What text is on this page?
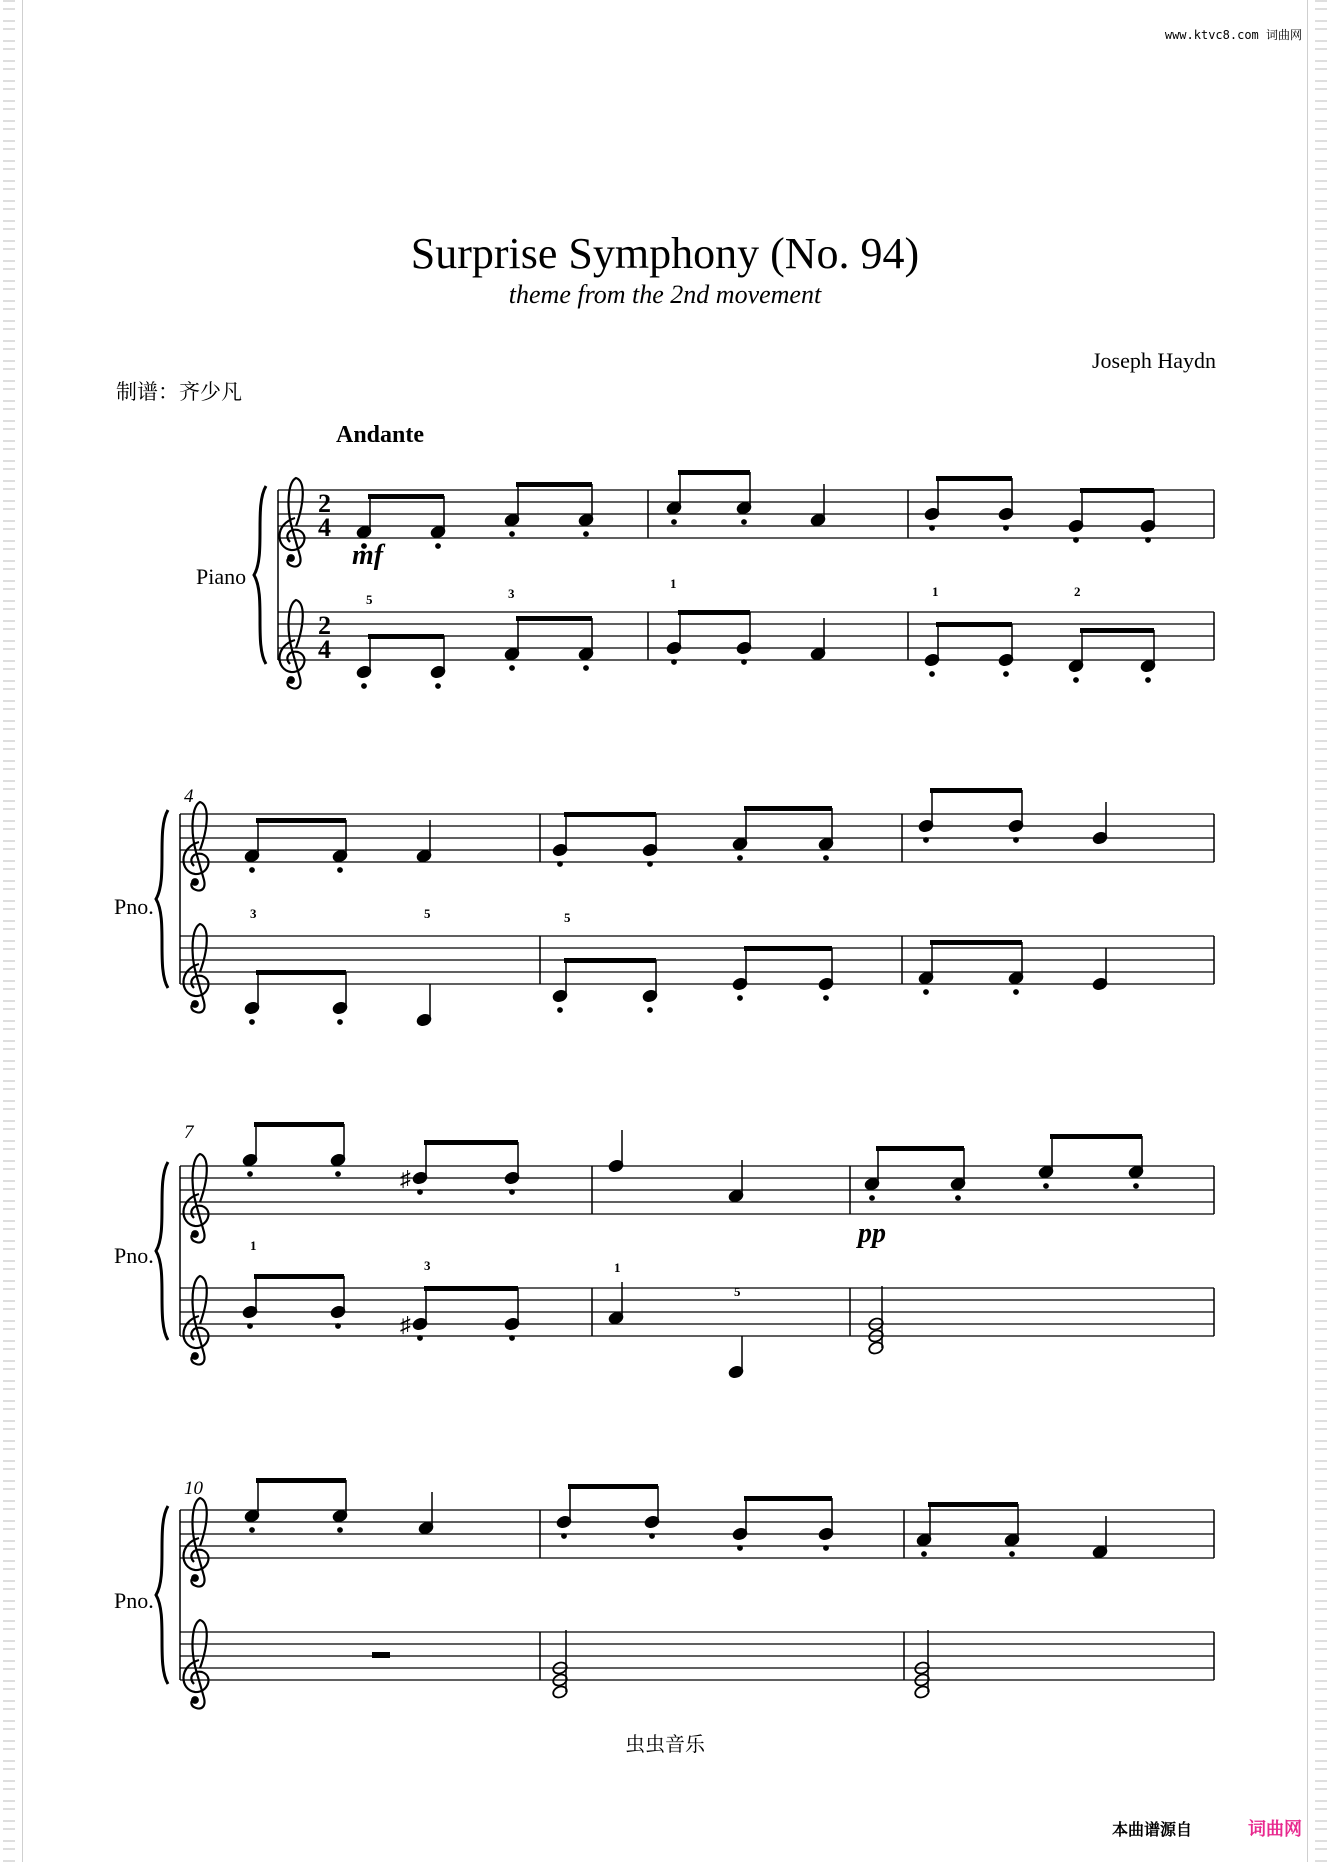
www.ktvc8.com 词曲网
Surprise Symphony (No. 94)
theme from the 2nd movement
Joseph Haydn
制谱：齐少凡
Andante
2
4
2
4
5	3
1
1	2
3	5	5
1
3	1
5
♯
♯
Piano
Pno.
Pno.
Pno.
4
7
10
mf
pp
虫虫音乐
本曲谱源自	词曲网
